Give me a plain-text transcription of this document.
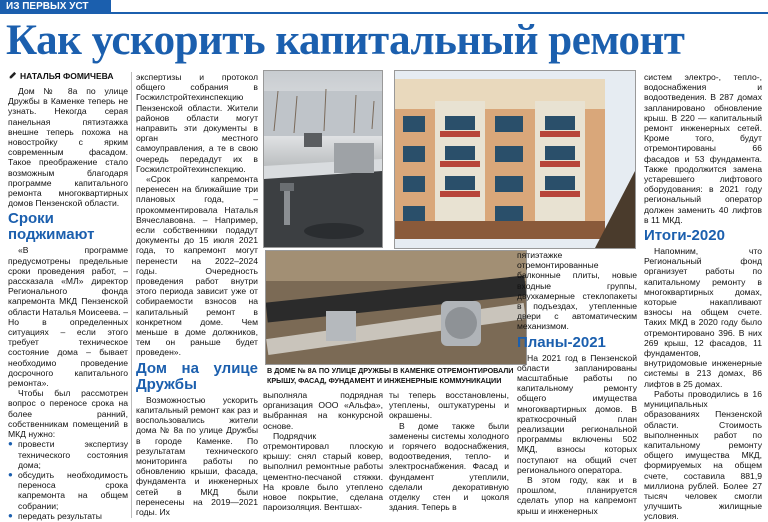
ИЗ ПЕРВЫХ УСТ
Как ускорить капитальный ремонт
НАТАЛЬЯ ФОМИЧЕВА

Дом № 8а по улице Дружбы в Каменке теперь не узнать. Некогда серая панельная пятиэтажка внешне теперь похожа на новостройку с ярким современным фасадом. Такое преображение стало возможным благодаря программе капитального ремонта многоквартирных домов Пензенской области.

Сроки поджимают

«В программе предусмотрены предельные сроки проведения работ, – рассказала «МЛ» директор Регионального фонда капремонта МКД Пензенской области Наталья Моисеева. – Но в определенных ситуациях – если этого требует техническое состояние дома – бывает необходимо проведение досрочного капитального ремонта».

Чтобы был рассмотрен вопрос о переносе срока на более ранний, собственникам помещений в МКД нужно:

● провести экспертизу технического состояния дома;

● обсудить необходимость переноса срока капремонта на общем собрании;

● передать результаты

экспертизы и протокол общего собрания в Госжилстройтехинспекцию Пензенской области. Жители районов области могут направить эти документы в орган местного самоуправления, а те в свою очередь передадут их в Госжилстройтехинспекцию.

«Срок капремонта перенесен на ближайшие три плановых года, – прокомментировала Наталья Вячеславовна. – Например, если собственники подадут документы до 15 июля 2021 года, то капремонт могут перенести на 2022–2024 годы. Очередность проведения работ внутри этого периода зависит уже от собираемости взносов на капитальный ремонт в конкретном доме. Чем меньше в доме должников, тем он раньше будет проведен».

Дом на улице Дружбы

Возможностью ускорить капитальный ремонт как раз и воспользовались жители дома № 8а по улице Дружбы в городе Каменке. По результатам технического мониторинга работы по обновлению крыши, фасада, фундамента и инженерных сетей в МКД были перенесены на 2019—2021 годы. Их

В ДОМЕ № 8А ПО УЛИЦЕ ДРУЖБЫ В КАМЕНКЕ ОТРЕМОНТИРОВАЛИ КРЫШУ, ФАСАД, ФУНДАМЕНТ И ИНЖЕНЕРНЫЕ КОММУНИКАЦИИ

выполняла подрядная организация ООО «Альфа», выбранная на конкурсной основе.

Подрядчик отремонтировал плоскую крышу: снял старый ковер, выполнил ремонтные работы цементно-песчаной стяжки. На кровле было утеплено новое покрытие, сделана пароизоляция. Вентшах-

ты теперь восстановлены, утеплены, оштукатурены и окрашены.

В доме также были заменены системы холодного и горячего водоснабжения, водоотведения, тепло- и электроснабжения. Фасад и фундамент утеплили, сделали декоративную отделку стен и цоколя здания. Теперь в

пятиэтажке отремонтированные балконные плиты, новые входные группы, двухкамерные стеклопакеты в подъездах, утепленные двери с автоматическим механизмом.

Планы-2021

На 2021 год в Пензенской области запланированы масштабные работы по капитальному ремонту общего имущества многоквартирных домов. В краткосрочный план реализации региональной программы включены 502 МКД, взносы которых поступают на общий счет регионального оператора.

В этом году, как и в прошлом, планируется сделать упор на капремонт крыш и инженерных

систем электро-, тепло-, водоснабжения и водоотведения. В 287 домах запланировано обновление крыш. В 220 — капитальный ремонт инженерных сетей. Кроме того, будут отремонтированы 66 фасадов и 53 фундамента. Также продолжится замена устаревшего лифтового оборудования: в 2021 году региональный оператор должен заменить 40 лифтов в 11 МКД.

Итоги-2020

Напомним, что Региональный фонд организует работы по капитальному ремонту в многоквартирных домах, которые накапливают взносы на общем счете. Таких МКД в 2020 году было отремонтировано 396. В них 269 крыш, 12 фасадов, 11 фундаментов, внутридомовые инженерные системы в 213 домах, 86 лифтов в 25 домах.

Работы проводились в 16 муниципальных образованиях Пензенской области. Стоимость выполненных работ по капитальному ремонту общего имущества МКД, формируемых на общем счете, составила 881,9 миллиона рублей. Более 27 тысяч человек смогли улучшить жилищные условия.
